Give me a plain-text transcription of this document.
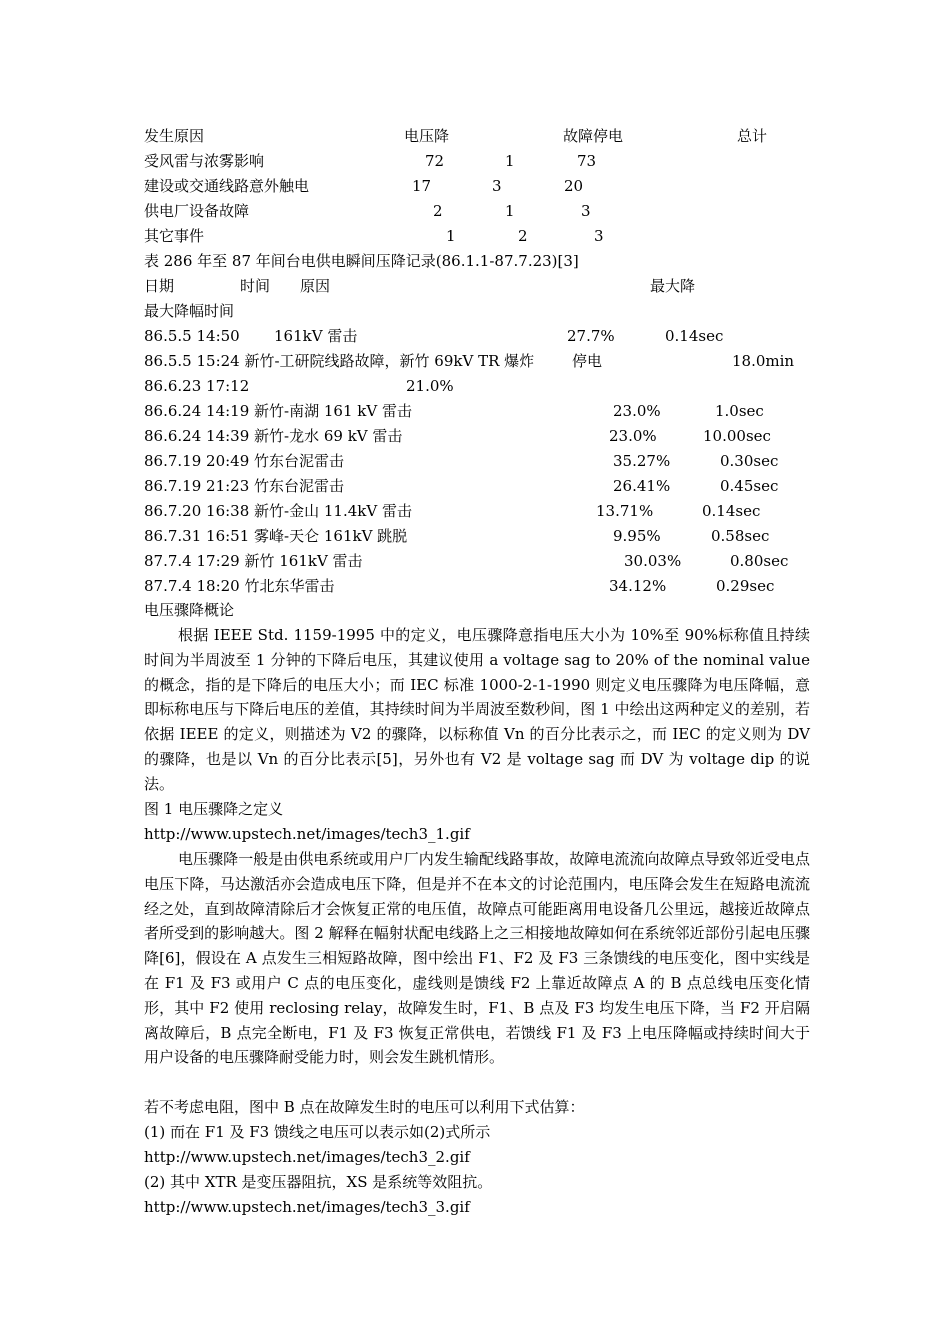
发生原因	电压降	故障停电	总计
受风雷与浓雾影响	72	1	73
建设或交通线路意外触电	17	3	20
供电厂设备故障	2	1	3
其它事件	1	2	3
表 286 年至 87 年间台电供电瞬间压降记录(86.1.1-87.7.23)[3]
日期	时间 原因	最大降
最大降幅时间
86.5.5 14:50 161kV 雷击	27.7%	0.14sec
86.5.5 15:24 新竹-工研院线路故障，新竹 69kV TR 爆炸	停电	18.0min
86.6.23 17:12	21.0%
86.6.24 14:19 新竹-南湖 161 kV 雷击	23.0%	1.0sec
86.6.24 14:39 新竹-龙水 69 kV 雷击	23.0%	10.00sec
86.7.19 20:49 竹东台泥雷击	35.27%	0.30sec
86.7.19 21:23 竹东台泥雷击	26.41%	0.45sec
86.7.20 16:38 新竹-金山 11.4kV 雷击	13.71%	0.14sec
86.7.31 16:51 雾峰-天仑 161kV 跳脱	9.95%	0.58sec
87.7.4 17:29 新竹 161kV 雷击	30.03%	0.80sec
87.7.4 18:20 竹北东华雷击	34.12%	0.29sec
电压骤降概论
根据 IEEE Std. 1159-1995 中的定义，电压骤降意指电压大小为 10%至 90%标称值且持续时间为半周波至 1 分钟的下降后电压，其建议使用 a voltage sag to 20% of the nominal value 的概念，指的是下降后的电压大小；而 IEC 标准 1000-2-1-1990 则定义电压骤降为电压降幅，意即标称电压与下降后电压的差值，其持续时间为半周波至数秒间，图 1 中绘出这两种定义的差别，若依据 IEEE 的定义，则描述为 V2 的骤降，以标称值 Vn 的百分比表示之，而 IEC 的定义则为 DV 的骤降，也是以 Vn 的百分比表示[5]，另外也有 V2 是 voltage sag 而 DV 为 voltage dip 的说法。
图 1 电压骤降之定义
http://www.upstech.net/images/tech3_1.gif
电压骤降一般是由供电系统或用户厂内发生输配线路事故，故障电流流向故障点导致邻近受电点电压下降，马达激活亦会造成电压下降，但是并不在本文的讨论范围内，电压降会发生在短路电流流经之处，直到故障清除后才会恢复正常的电压值，故障点可能距离用电设备几公里远，越接近故障点者所受到的影响越大。图 2 解释在幅射状配电线路上之三相接地故障如何在系统邻近部份引起电压骤降[6]，假设在 A 点发生三相短路故障，图中绘出 F1、F2 及 F3 三条馈线的电压变化，图中实线是在 F1 及 F3 或用户 C 点的电压变化，虚线则是馈线 F2 上靠近故障点 A 的 B 点总线电压变化情形，其中 F2 使用 reclosing relay，故障发生时，F1、B 点及 F3 均发生电压下降，当 F2 开启隔离故障后，B 点完全断电，F1 及 F3 恢复正常供电，若馈线 F1 及 F3 上电压降幅或持续时间大于用户设备的电压骤降耐受能力时，则会发生跳机情形。
若不考虑电阻，图中 B 点在故障发生时的电压可以利用下式估算：
(1) 而在 F1 及 F3 馈线之电压可以表示如(2)式所示
http://www.upstech.net/images/tech3_2.gif
(2) 其中 XTR 是变压器阻抗，XS 是系统等效阻抗。
http://www.upstech.net/images/tech3_3.gif
